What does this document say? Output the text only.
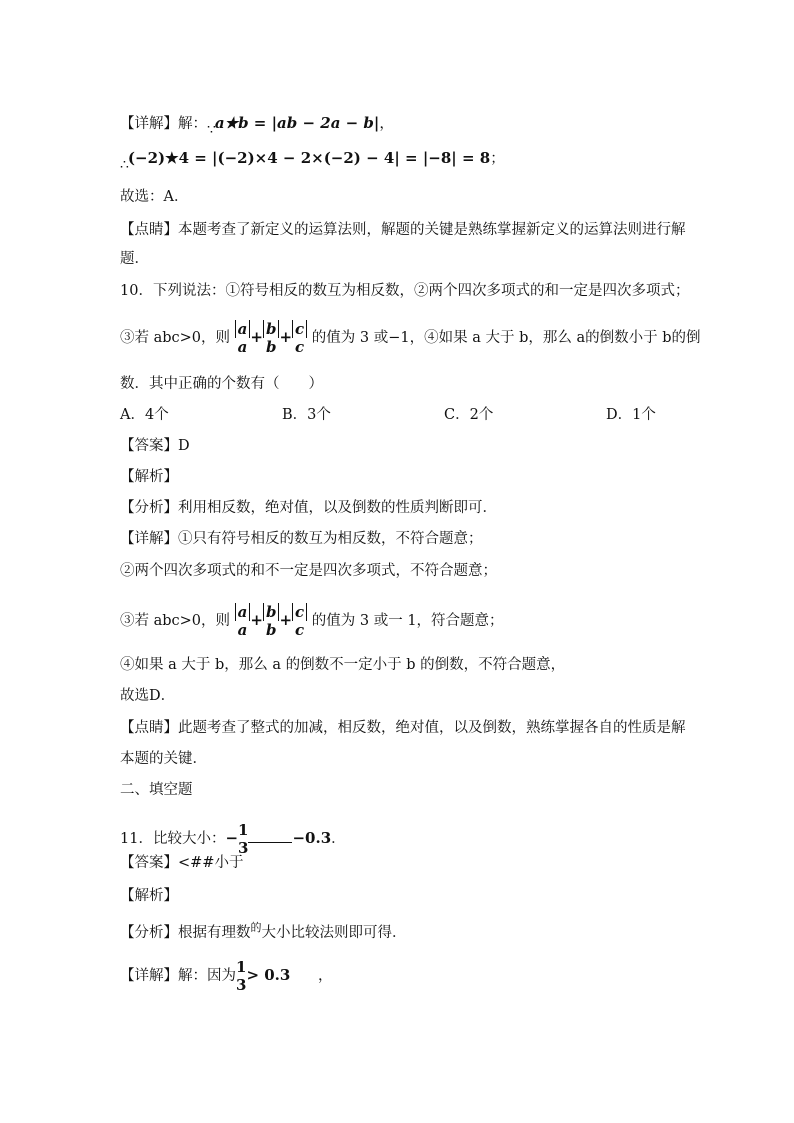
【详解】解：∵a★b = |ab − 2a − b|，
∴(−2)★4 = |(−2)×4 − 2×(−2) − 4| = |−8| = 8；
故选：A．
【点睛】本题考查了新定义的运算法则，解题的关键是熟练掌握新定义的运算法则进行解
题．
10．下列说法：①符号相反的数互为相反数，②两个四次多项式的和一定是四次多项式；
③若 abc>0，则 a
a
+ b
b
+ c
c 的值为 3 或−1，④如果 a 大于 b，那么 a的倒数小于 b的倒
数．其中正确的个数有（　　）
A．4个	B．3个	C．2个	D．1个
【答案】D
【解析】
【分析】利用相反数，绝对值，以及倒数的性质判断即可．
【详解】①只有符号相反的数互为相反数，不符合题意；
②两个四次多项式的和不一定是四次多项式，不符合题意；
③若 abc>0，则 a
a
+ b
b
+ c
c 的值为 3 或一 1，符合题意；
④如果 a 大于 b，那么 a 的倒数不一定小于 b 的倒数，不符合题意，
故选D．
【点睛】此题考查了整式的加减，相反数，绝对值，以及倒数，熟练掌握各自的性质是解
本题的关键．
二、填空题
11．比较大小：− 1
3
−0.3．
【答案】<##小于
【解析】
【分析】根据有理数$^的$大小比较法则即可得．
【详解】解：因为 1
3
> 0.3 ，
